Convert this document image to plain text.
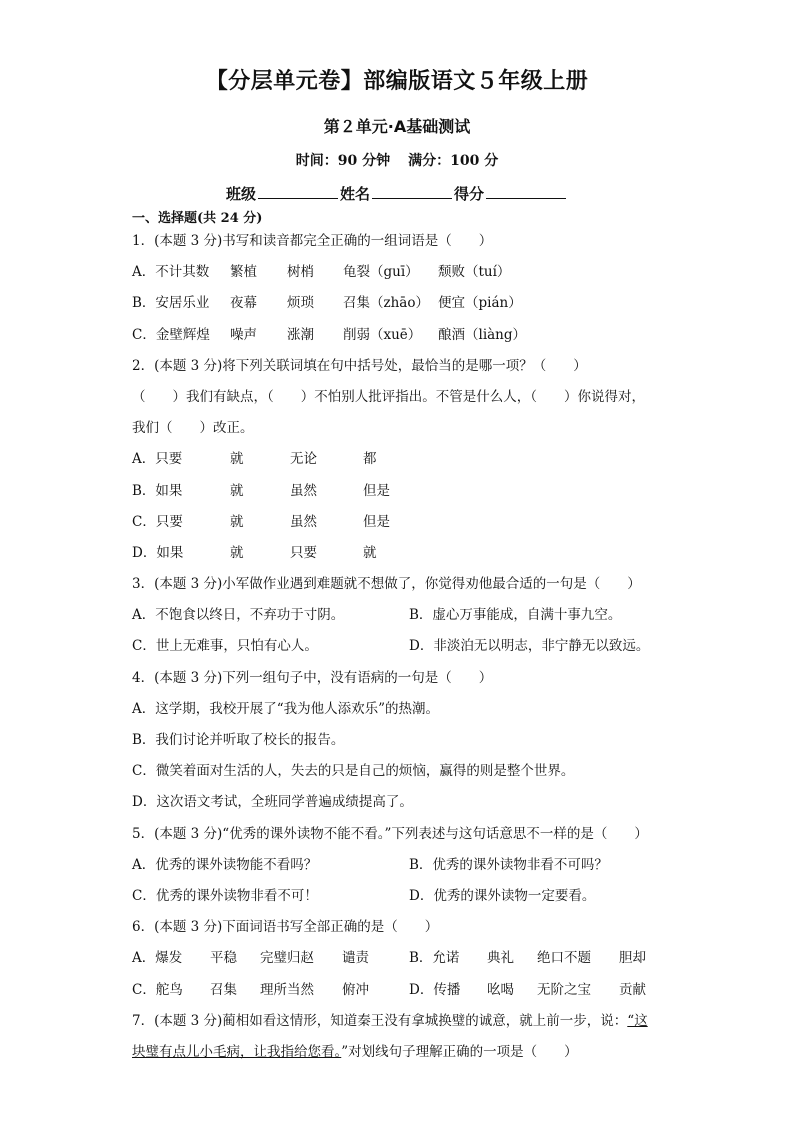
【分层单元卷】部编版语文５年级上册
第２单元·A基础测试
时间：90 分钟 满分：100 分
班级	姓名	得分
一、选择题(共 24 分)
1．(本题 3 分)书写和读音都完全正确的一组词语是（　　）
A．不计其数 繁植 树梢 龟裂（guī） 颓败（tuí）
B．安居乐业 夜幕 烦琐 召集（zhāo） 便宜（pián）
C．金壁辉煌 噪声 涨潮 削弱（xuē） 酿酒（liàng）
2．(本题 3 分)将下列关联词填在句中括号处，最恰当的是哪一项？（　　）
（　　）我们有缺点，（　　）不怕别人批评指出。不管是什么人，（　　）你说得对，
我们（　　）改正。
A．只要	就	无论	都
B．如果	就	虽然	但是
C．只要	就	虽然	但是
D．如果	就	只要	就
3．(本题 3 分)小军做作业遇到难题就不想做了，你觉得劝他最合适的一句是（　　）
A．不饱食以终日，不弃功于寸阴。	B．虚心万事能成，自满十事九空。
C．世上无难事，只怕有心人。	D．非淡泊无以明志，非宁静无以致远。
4．(本题 3 分)下列一组句子中，没有语病的一句是（　　）
A．这学期，我校开展了“我为他人添欢乐”的热潮。
B．我们讨论并听取了校长的报告。
C．微笑着面对生活的人，失去的只是自己的烦恼，赢得的则是整个世界。
D．这次语文考试，全班同学普遍成绩提高了。
5．(本题 3 分)“优秀的课外读物不能不看。”下列表述与这句话意思不一样的是（　　）
A．优秀的课外读物能不看吗？	B．优秀的课外读物非看不可吗？
C．优秀的课外读物非看不可！	D．优秀的课外读物一定要看。
6．(本题 3 分)下面词语书写全部正确的是（　　）
A．爆发 平稳 完璧归赵 谴责	B．允诺 典礼 绝口不题 胆却
C．舵鸟 召集 理所当然 俯冲	D．传播 吆喝 无阶之宝 贡献
7．(本题 3 分)蔺相如看这情形，知道秦王没有拿城换璧的诚意，就上前一步，说：“这
块璧有点儿小毛病，让我指给您看。”对划线句子理解正确的一项是（　　）
